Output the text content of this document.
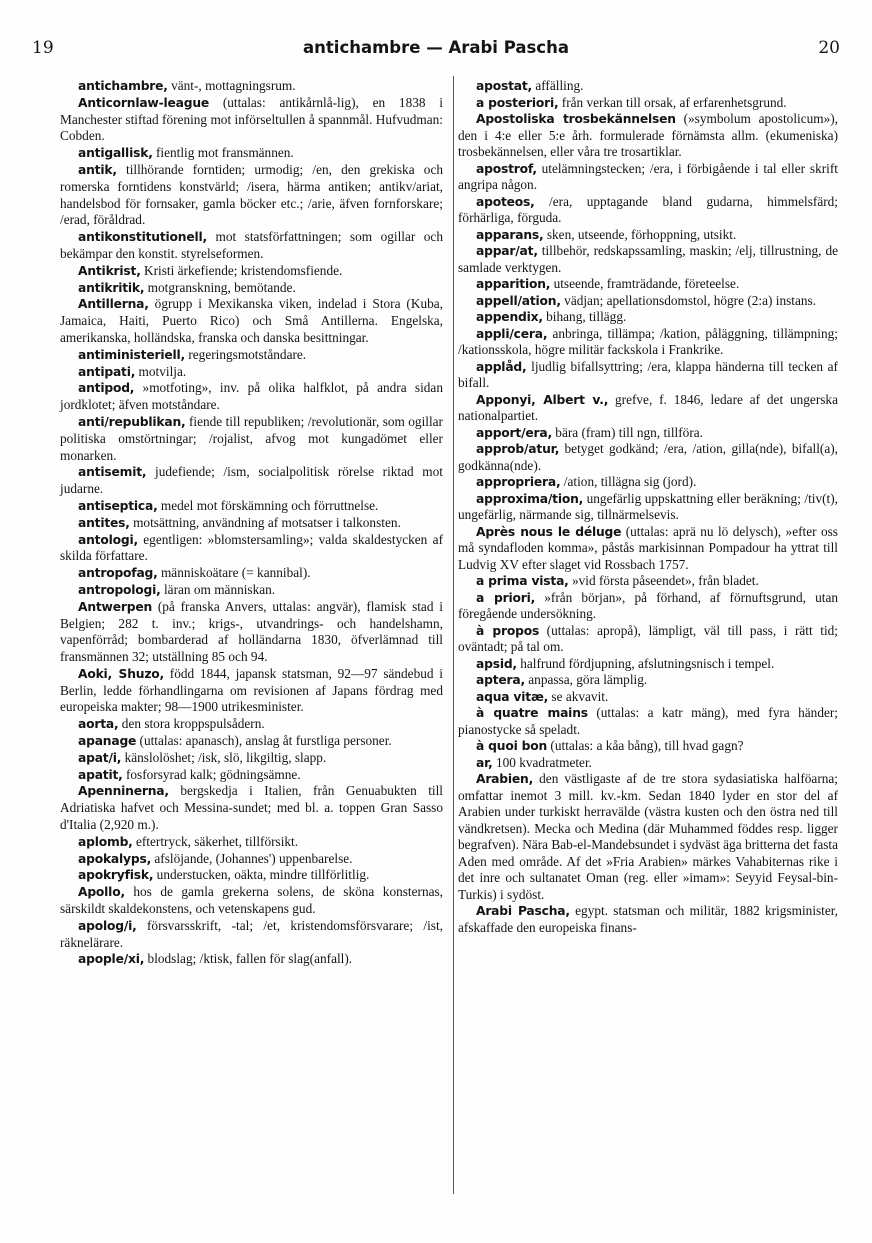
19	antichambre — Arabi Pascha	20

antichambre, vänt-, mottagningsrum.

Anticornlaw-league (uttalas: antikårnlå-lig), en 1838 i Manchester stiftad förening mot införseltullen å spannmål. Hufvudman: Cobden.

antigallisk, fientlig mot fransmännen.

antik, tillhörande forntiden; urmodig; /en, den grekiska och romerska forntidens konstvärld; /isera, härma antiken; antikv/ariat, handelsbod för fornsaker, gamla böcker etc.; /arie, äfven fornforskare; /erad, föråldrad.

antikonstitutionell, mot statsförfattningen; som ogillar och bekämpar den konstit. styrelseformen.

Antikrist, Kristi ärkefiende; kristendomsfiende.

antikritik, motgranskning, bemötande.

Antillerna, ögrupp i Mexikanska viken, indelad i Stora (Kuba, Jamaica, Haiti, Puerto Rico) och Små Antillerna. Engelska, amerikanska, holländska, franska och danska besittningar.

antiministeriell, regeringsmotståndare.

antipati, motvilja.

antipod, »motfoting», inv. på olika halfklot, på andra sidan jordklotet; äfven motståndare.

anti/republikan, fiende till republiken; /revolutionär, som ogillar politiska omstörtningar; /rojalist, afvog mot kungadömet eller monarken.

antisemit, judefiende; /ism, socialpolitisk rörelse riktad mot judarne.

antiseptica, medel mot förskämning och förruttnelse.

antites, motsättning, användning af motsatser i talkonsten.

antologi, egentligen: »blomstersamling»; valda skaldestycken af skilda författare.

antropofag, människoätare (= kannibal).

antropologi, läran om människan.

Antwerpen (på franska Anvers, uttalas: angvär), flamisk stad i Belgien; 282 t. inv.; krigs-, utvandrings- och handelshamn, vapenförråd; bombarderad af holländarna 1830, öfverlämnad till fransmännen 32; utställning 85 och 94.

Aoki, Shuzo, född 1844, japansk statsman, 92—97 sändebud i Berlin, ledde förhandlingarna om revisionen af Japans fördrag med europeiska makter; 98—1900 utrikesminister.

aorta, den stora kroppspulsådern.

apanage (uttalas: apanasch), anslag åt furstliga personer.

apat/i, känslolöshet; /isk, slö, likgiltig, slapp.

apatit, fosforsyrad kalk; gödningsämne.

Apenninerna, bergskedja i Italien, från Genuabukten till Adriatiska hafvet och Messina-sundet; med bl. a. toppen Gran Sasso d'Italia (2,920 m.).

aplomb, eftertryck, säkerhet, tillförsikt.

apokalyps, afslöjande, (Johannes') uppenbarelse.

apokryfisk, understucken, oäkta, mindre tillförlitlig.

Apollo, hos de gamla grekerna solens, de sköna konsternas, särskildt skaldekonstens, och vetenskapens gud.

apolog/i, försvarsskrift, -tal; /et, kristendomsförsvarare; /ist, räknelärare.

apople/xi, blodslag; /ktisk, fallen för slag(anfall).

apostat, affälling.

a posteriori, från verkan till orsak, af erfarenhetsgrund.

Apostoliska trosbekännelsen (»symbolum apostolicum»), den i 4:e eller 5:e årh. formulerade förnämsta allm. (ekumeniska) trosbekännelsen, eller våra tre trosartiklar.

apostrof, utelämningstecken; /era, i förbigående i tal eller skrift angripa någon.

apoteos, /era, upptagande bland gudarna, himmelsfärd; förhärliga, förguda.

apparans, sken, utseende, förhoppning, utsikt.

appar/at, tillbehör, redskapssamling, maskin; /elj, tillrustning, de samlade verktygen.

apparition, utseende, framträdande, företeelse.

appell/ation, vädjan; apellationsdomstol, högre (2:a) instans.

appendix, bihang, tillägg.

appli/cera, anbringa, tillämpa; /kation, påläggning, tillämpning; /kationsskola, högre militär fackskola i Frankrike.

applåd, ljudlig bifallsyttring; /era, klappa händerna till tecken af bifall.

Apponyi, Albert v., grefve, f. 1846, ledare af det ungerska nationalpartiet.

apport/era, bära (fram) till ngn, tillföra.

approb/atur, betyget godkänd; /era, /ation, gilla(nde), bifall(a), godkänna(nde).

appropriera, /ation, tillägna sig (jord).

approxima/tion, ungefärlig uppskattning eller beräkning; /tiv(t), ungefärlig, närmande sig, tillnärmelsevis.

Après nous le déluge (uttalas: aprä nu lö delysch), »efter oss må syndafloden komma», påstås markisinnan Pompadour ha yttrat till Ludvig XV efter slaget vid Rossbach 1757.

a prima vista, »vid första påseendet», från bladet.

a priori, »från början», på förhand, af förnuftsgrund, utan föregående undersökning.

à propos (uttalas: apropå), lämpligt, väl till pass, i rätt tid; oväntadt; på tal om.

apsid, halfrund fördjupning, afslutningsnisch i tempel.

aptera, anpassa, göra lämplig.

aqua vitæ, se akvavit.

à quatre mains (uttalas: a katr mäng), med fyra händer; pianostycke så speladt.

à quoi bon (uttalas: a kåa bång), till hvad gagn?

ar, 100 kvadratmeter.

Arabien, den västligaste af de tre stora sydasiatiska halföarna; omfattar inemot 3 mill. kv.-km. Sedan 1840 lyder en stor del af Arabien under turkiskt herravälde (västra kusten och den östra ned till vändkretsen). Mecka och Medina (där Muhammed föddes resp. ligger begrafven). Nära Bab-el-Mandebsundet i sydväst äga britterna det fasta Aden med område. Af det »Fria Arabien» märkes Vahabiternas rike i det inre och sultanatet Oman (reg. eller »imam»: Seyyid Feysal-bin-Turkis) i sydöst.

Arabi Pascha, egypt. statsman och militär, 1882 krigsminister, afskaffade den europeiska finans-
